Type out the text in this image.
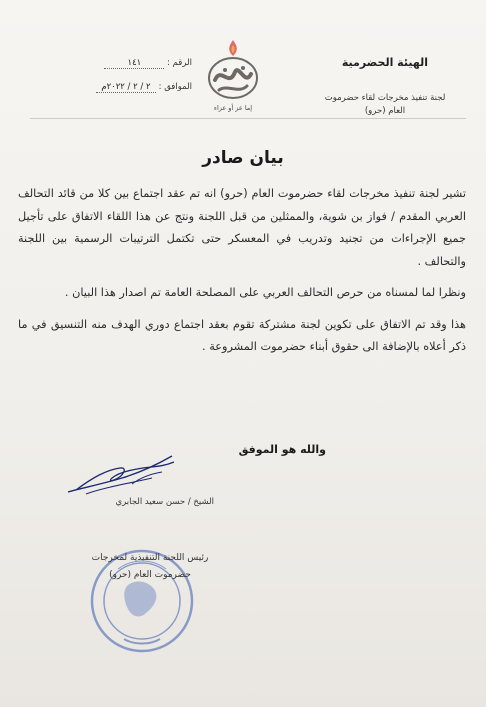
الهيئة الحضرمية
لجنة تنفيذ مخرجات لقاء حضرموت
العام (حرو)
إما عز أو عزاء
الرقم : ١٤١
الموافق : ٢ / ٢ / ٢٠٢٢م
بيان صادر

تشير لجنة تنفيذ مخرجات لقاء حضرموت العام (حرو) انه تم عقد اجتماع بين كلا من قائد التحالف العربي المقدم / فواز بن شوية، والممثلين من قبل اللجنة ونتج عن هذا اللقاء الاتفاق على تأجيل جميع الإجراءات من تجنيد وتدريب في المعسكر حتى تكتمل الترتيبات الرسمية بين اللجنة والتحالف .

ونظرا لما لمسناه من حرص التحالف العربي على المصلحة العامة تم اصدار هذا البيان .

هذا وقد تم الاتفاق على تكوين لجنة مشتركة تقوم بعقد اجتماع دوري الهدف منه التنسيق في ما ذكر أعلاه بالإضافة الى حقوق أبناء حضرموت المشروعة .

والله هو الموفق
الشيخ / حسن سعيد الجابري
رئيس اللجنة التنفيذية لمخرجات
حضرموت العام (حرو)
